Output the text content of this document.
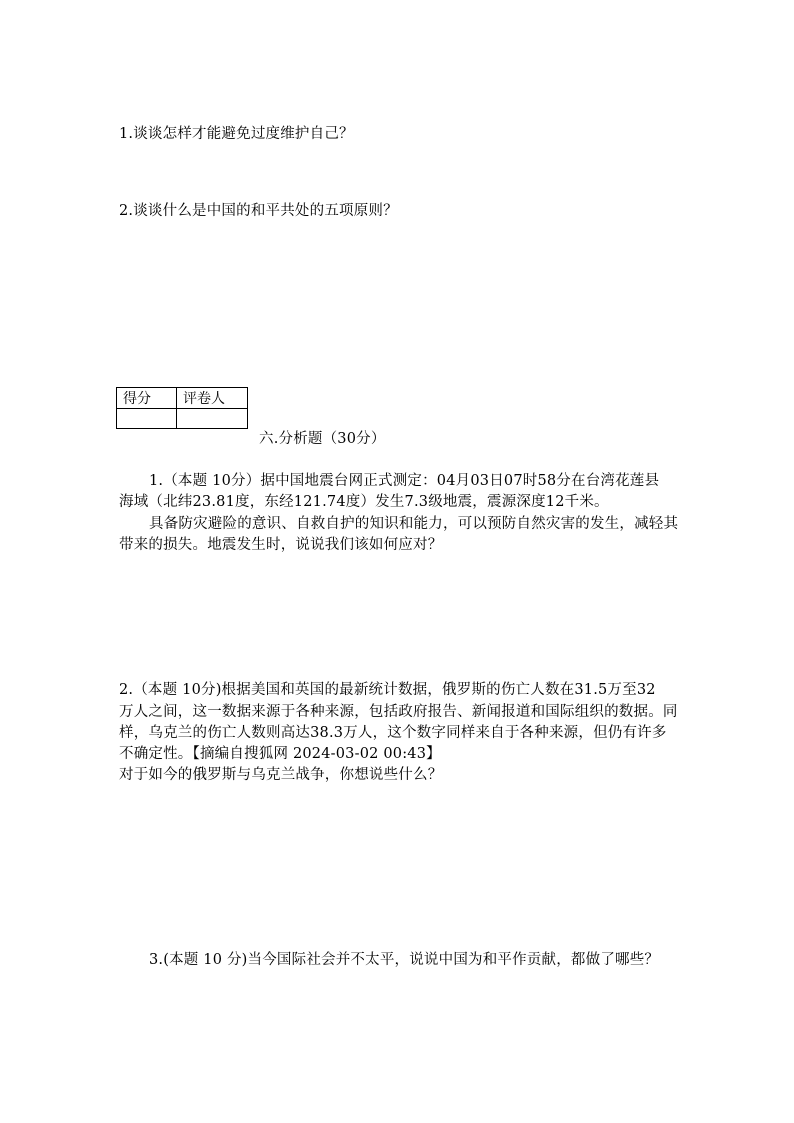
1.谈谈怎样才能避免过度维护自己？
2.谈谈什么是中国的和平共处的五项原则？
得分	评卷人

六.分析题（30分）
1.（本题 10分）据中国地震台网正式测定：04月03日07时58分在台湾花莲县
海域（北纬23.81度，东经121.74度）发生7.3级地震，震源深度12千米。
具备防灾避险的意识、自救自护的知识和能力，可以预防自然灾害的发生，减轻其
带来的损失。地震发生时，说说我们该如何应对？
2.（本题 10分)根据美国和英国的最新统计数据，俄罗斯的伤亡人数在31.5万至32
万人之间，这一数据来源于各种来源，包括政府报告、新闻报道和国际组织的数据。同
样，乌克兰的伤亡人数则高达38.3万人，这个数字同样来自于各种来源，但仍有许多
不确定性。【摘编自搜狐网 2024-03-02 00:43】
对于如今的俄罗斯与乌克兰战争，你想说些什么？
3.(本题 10 分)当今国际社会并不太平，说说中国为和平作贡献，都做了哪些？
